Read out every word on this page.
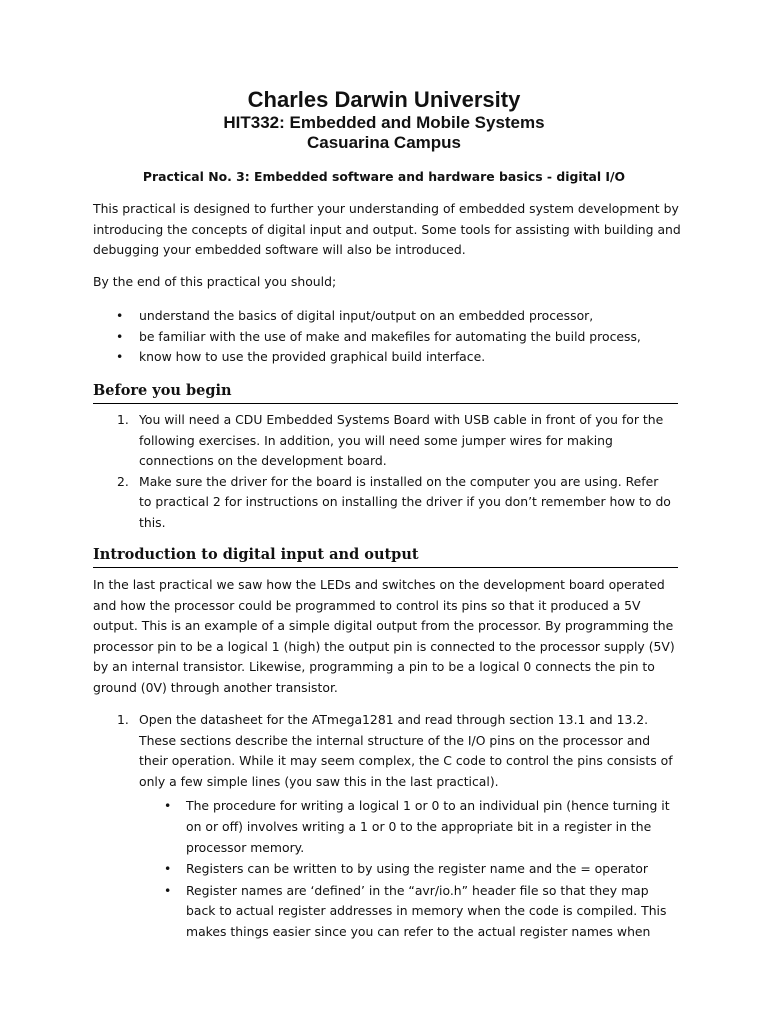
Charles Darwin University
HIT332: Embedded and Mobile Systems
Casuarina Campus
Practical No. 3: Embedded software and hardware basics - digital I/O

This practical is designed to further your understanding of embedded system development by introducing the concepts of digital input and output. Some tools for assisting with building and debugging your embedded software will also be introduced.

By the end of this practical you should;

• understand the basics of digital input/output on an embedded processor,
• be familiar with the use of make and makefiles for automating the build process,
• know how to use the provided graphical build interface.
Before you begin
1. You will need a CDU Embedded Systems Board with USB cable in front of you for the following exercises. In addition, you will need some jumper wires for making connections on the development board.
2. Make sure the driver for the board is installed on the computer you are using. Refer to practical 2 for instructions on installing the driver if you don’t remember how to do this.
Introduction to digital input and output

In the last practical we saw how the LEDs and switches on the development board operated and how the processor could be programmed to control its pins so that it produced a 5V output. This is an example of a simple digital output from the processor. By programming the processor pin to be a logical 1 (high) the output pin is connected to the processor supply (5V) by an internal transistor. Likewise, programming a pin to be a logical 0 connects the pin to ground (0V) through another transistor.

1. Open the datasheet for the ATmega1281 and read through section 13.1 and 13.2. These sections describe the internal structure of the I/O pins on the processor and their operation. While it may seem complex, the C code to control the pins consists of only a few simple lines (you saw this in the last practical).
• The procedure for writing a logical 1 or 0 to an individual pin (hence turning it on or off) involves writing a 1 or 0 to the appropriate bit in a register in the processor memory.
• Registers can be written to by using the register name and the = operator
• Register names are ‘defined’ in the “avr/io.h” header file so that they map back to actual register addresses in memory when the code is compiled. This makes things easier since you can refer to the actual register names when
